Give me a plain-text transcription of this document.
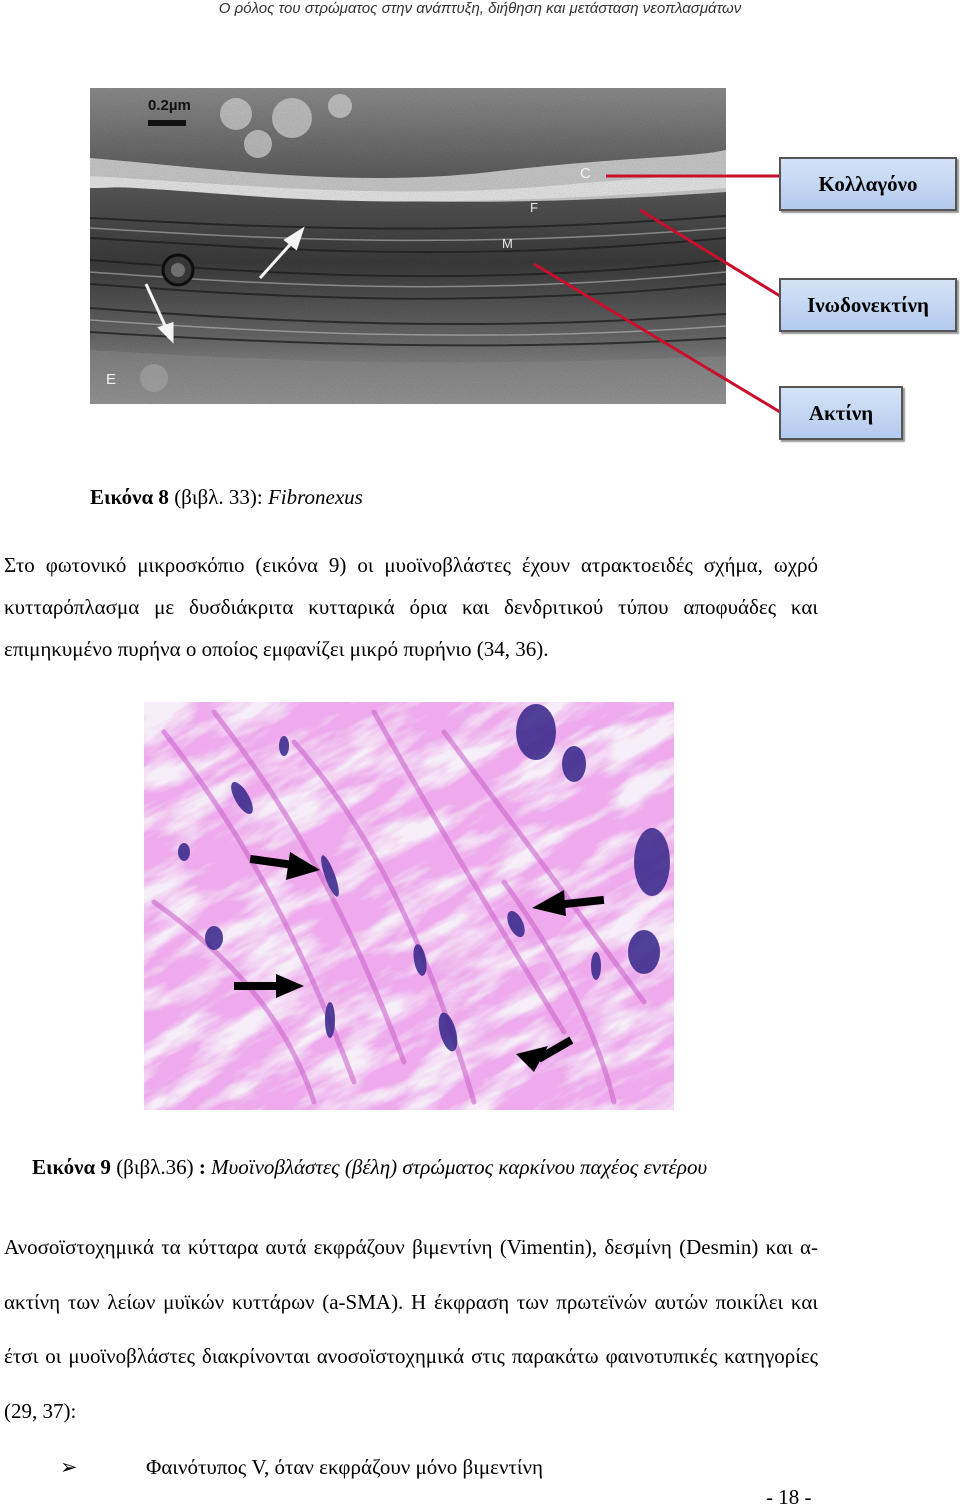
Ο ρόλος του στρώματος στην ανάπτυξη, διήθηση και μετάσταση νεοπλασμάτων
0.2µm
C
F
M
E
Κολλαγόνο
Ινωδονεκτίνη
Ακτίνη
Εικόνα 8 (βιβλ. 33): Fibronexus
Στο φωτονικό μικροσκόπιο (εικόνα 9) οι μυοϊνοβλάστες έχουν ατρακτοειδές σχήμα, ωχρό κυτταρόπλασμα με δυσδιάκριτα κυτταρικά όρια και δενδριτικού τύπου αποφυάδες και επιμηκυμένο πυρήνα ο οποίος εμφανίζει μικρό πυρήνιο (34, 36).
Εικόνα 9 (βιβλ.36) : Μυοϊνοβλάστες (βέλη) στρώματος καρκίνου παχέος εντέρου
Ανοσοϊστοχημικά τα κύτταρα αυτά εκφράζουν βιμεντίνη (Vimentin), δεσμίνη (Desmin) και α-ακτίνη των λείων μυϊκών κυττάρων (a-SMA). Η έκφραση των πρωτεϊνών αυτών ποικίλει και έτσι οι μυοϊνοβλάστες διακρίνονται ανοσοϊστοχημικά στις παρακάτω φαινοτυπικές κατηγορίες (29, 37):
➢	Φαινότυπος V, όταν εκφράζουν μόνο βιμεντίνη
- 18 -
